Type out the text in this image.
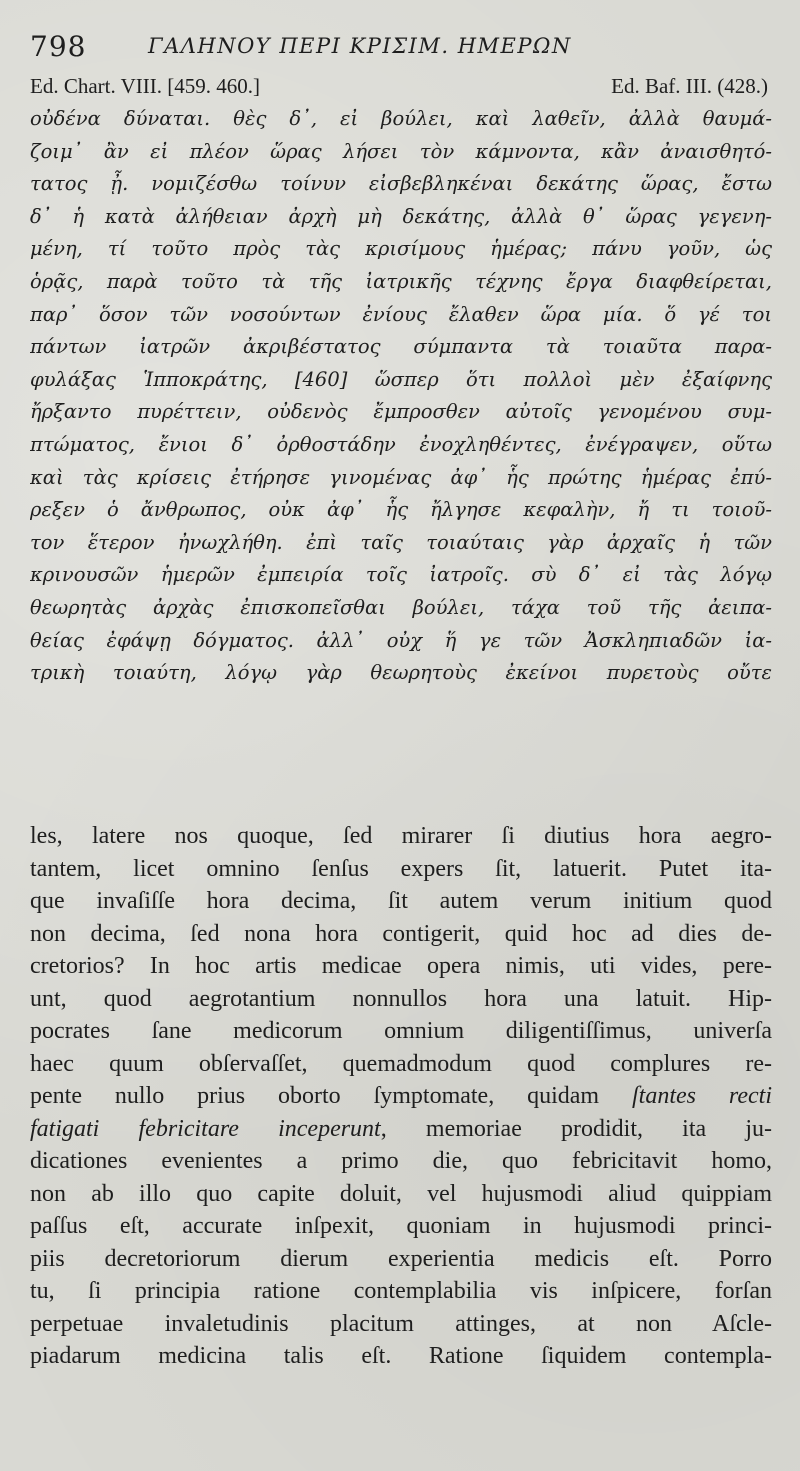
798	ΓΑΛΗΝΟΥ ΠΕΡΙ ΚΡΙΣΙΜ. ΗΜΕΡΩΝ
Ed. Chart. VIII. [459. 460.]	Ed. Baf. III. (428.)
οὐδένα δύναται. θὲς δ᾽, εἰ βούλει, καὶ λαθεῖν, ἀλλὰ θαυμά-
ζοιμ᾽ ἂν εἰ πλέον ὥρας λήσει τὸν κάμνοντα, κἂν ἀναισθητό-
τατος ᾖ. νομιζέσθω τοίνυν εἰσβεβληκέναι δεκάτης ὥρας, ἔστω
δ᾽ ἡ κατὰ ἀλήθειαν ἀρχὴ μὴ δεκάτης, ἀλλὰ θ᾽ ὥρας γεγενη-
μένη, τί τοῦτο πρὸς τὰς κρισίμους ἡμέρας; πάνυ γοῦν, ὡς
ὁρᾷς, παρὰ τοῦτο τὰ τῆς ἰατρικῆς τέχνης ἔργα διαφθείρεται,
παρ᾽ ὅσον τῶν νοσούντων ἐνίους ἔλαθεν ὥρα μία. ὅ γέ τοι
πάντων ἰατρῶν ἀκριβέστατος σύμπαντα τὰ τοιαῦτα παρα-
φυλάξας Ἱπποκράτης, [460] ὥσπερ ὅτι πολλοὶ μὲν ἐξαίφνης
ἤρξαντο πυρέττειν, οὐδενὸς ἔμπροσθεν αὐτοῖς γενομένου συμ-
πτώματος, ἔνιοι δ᾽ ὀρθοστάδην ἐνοχληθέντες, ἐνέγραψεν, οὕτω
καὶ τὰς κρίσεις ἐτήρησε γινομένας ἀφ᾽ ἧς πρώτης ἡμέρας ἐπύ-
ρεξεν ὁ ἄνθρωπος, οὐκ ἀφ᾽ ἧς ἤλγησε κεφαλὴν, ἤ τι τοιοῦ-
τον ἕτερον ἠνωχλήθη. ἐπὶ ταῖς τοιαύταις γὰρ ἀρχαῖς ἡ τῶν
κρινουσῶν ἡμερῶν ἐμπειρία τοῖς ἰατροῖς. σὺ δ᾽ εἰ τὰς λόγῳ
θεωρητὰς ἀρχὰς ἐπισκοπεῖσθαι βούλει, τάχα τοῦ τῆς ἀειπα-
θείας ἐφάψῃ δόγματος. ἀλλ᾽ οὐχ ἥ γε τῶν Ἀσκληπιαδῶν ἰα-
τρικὴ τοιαύτη, λόγῳ γὰρ θεωρητοὺς ἐκείνοι πυρετοὺς οὔτε
les, latere nos quoque, ſed mirarer ſi diutius hora aegro-
tantem, licet omnino ſenſus expers ſit, latuerit. Putet ita-
que invaſiſſe hora decima, ſit autem verum initium quod
non decima, ſed nona hora contigerit, quid hoc ad dies de-
cretorios? In hoc artis medicae opera nimis, uti vides, pere-
unt, quod aegrotantium nonnullos hora una latuit. Hip-
pocrates ſane medicorum omnium diligentiſſimus, univerſa
haec quum obſervaſſet, quemadmodum quod complures re-
pente nullo prius oborto ſymptomate, quidam ſtantes recti
fatigati febricitare inceperunt, memoriae prodidit, ita ju-
dicationes evenientes a primo die, quo febricitavit homo,
non ab illo quo capite doluit, vel hujusmodi aliud quippiam
paſſus eſt, accurate inſpexit, quoniam in hujusmodi princi-
piis decretoriorum dierum experientia medicis eſt. Porro
tu, ſi principia ratione contemplabilia vis inſpicere, forſan
perpetuae invaletudinis placitum attinges, at non Aſcle-
piadarum medicina talis eſt. Ratione ſiquidem contempla-
